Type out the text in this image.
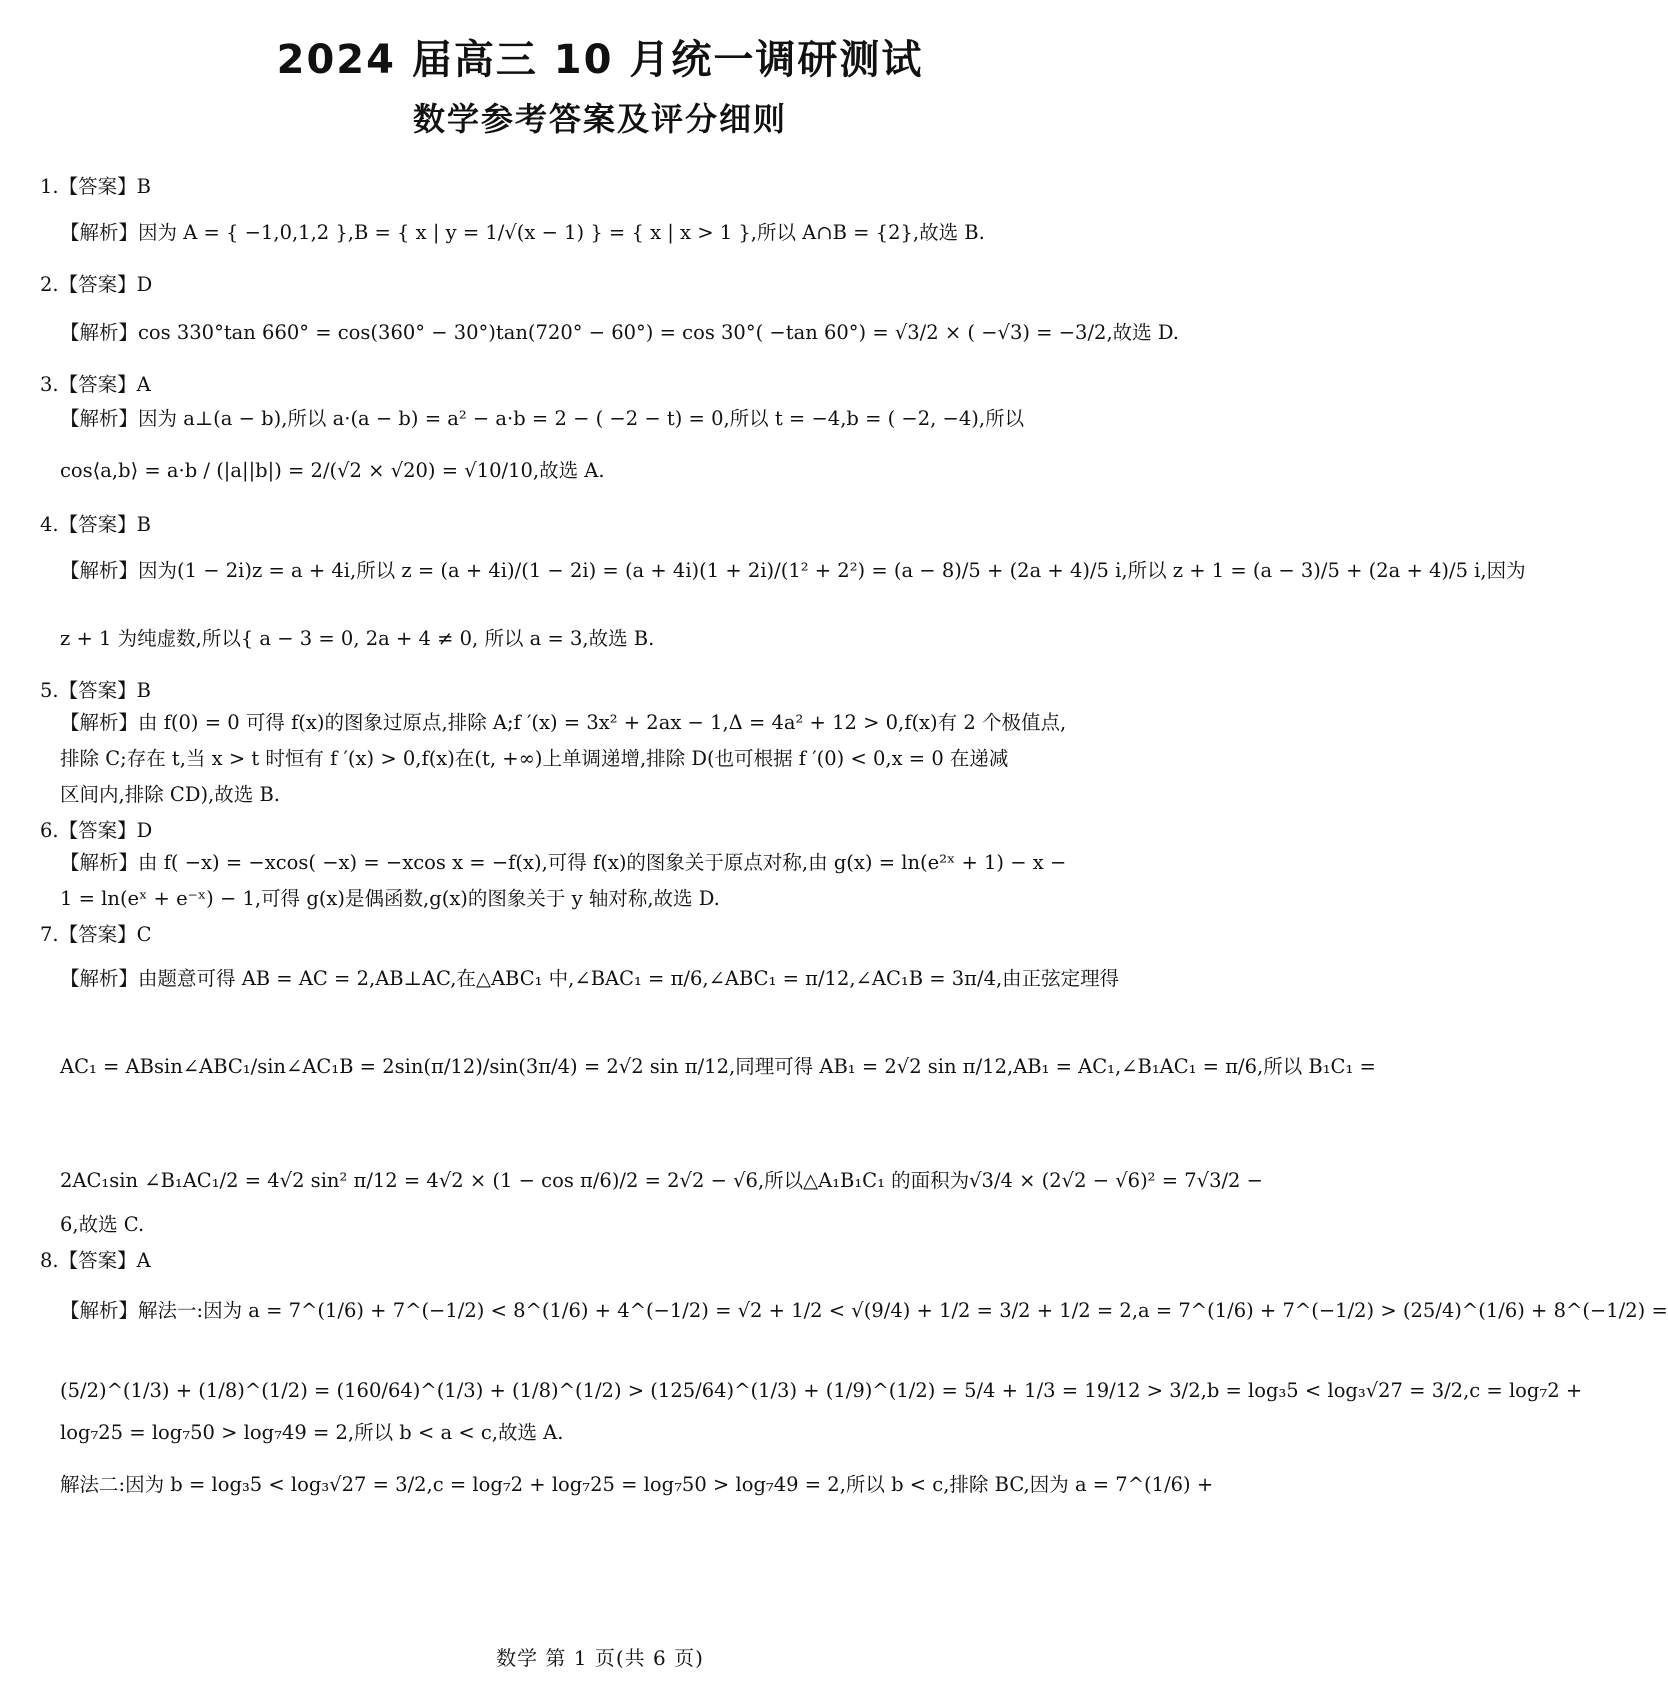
2024 届高三 10 月统一调研测试
数学参考答案及评分细则
1.【答案】B
【解析】因为 A = { −1,0,1,2 },B = { x | y = 1/√(x − 1) } = { x | x > 1 },所以 A∩B = {2},故选 B.
2.【答案】D
【解析】cos 330°tan 660° = cos(360° − 30°)tan(720° − 60°) = cos 30°( −tan 60°) = √3/2 × ( −√3) = −3/2,故选 D.
3.【答案】A
【解析】因为 a⊥(a − b),所以 a·(a − b) = a² − a·b = 2 − ( −2 − t) = 0,所以 t = −4,b = ( −2, −4),所以
cos⟨a,b⟩ = a·b / (|a||b|) = 2/(√2 × √20) = √10/10,故选 A.
4.【答案】B
【解析】因为(1 − 2i)z = a + 4i,所以 z = (a + 4i)/(1 − 2i) = (a + 4i)(1 + 2i)/(1² + 2²) = (a − 8)/5 + (2a + 4)/5 i,所以 z + 1 = (a − 3)/5 + (2a + 4)/5 i,因为
z + 1 为纯虚数,所以{ a − 3 = 0, 2a + 4 ≠ 0, 所以 a = 3,故选 B.
5.【答案】B
【解析】由 f(0) = 0 可得 f(x)的图象过原点,排除 A;f ′(x) = 3x² + 2ax − 1,Δ = 4a² + 12 > 0,f(x)有 2 个极值点,
排除 C;存在 t,当 x > t 时恒有 f ′(x) > 0,f(x)在(t, +∞)上单调递增,排除 D(也可根据 f ′(0) < 0,x = 0 在递减
区间内,排除 CD),故选 B.
6.【答案】D
【解析】由 f( −x) = −xcos( −x) = −xcos x = −f(x),可得 f(x)的图象关于原点对称,由 g(x) = ln(e²ˣ + 1) − x −
1 = ln(eˣ + e⁻ˣ) − 1,可得 g(x)是偶函数,g(x)的图象关于 y 轴对称,故选 D.
7.【答案】C
【解析】由题意可得 AB = AC = 2,AB⊥AC,在△ABC₁ 中,∠BAC₁ = π/6,∠ABC₁ = π/12,∠AC₁B = 3π/4,由正弦定理得
AC₁ = ABsin∠ABC₁/sin∠AC₁B = 2sin(π/12)/sin(3π/4) = 2√2 sin π/12,同理可得 AB₁ = 2√2 sin π/12,AB₁ = AC₁,∠B₁AC₁ = π/6,所以 B₁C₁ =
2AC₁sin ∠B₁AC₁/2 = 4√2 sin² π/12 = 4√2 × (1 − cos π/6)/2 = 2√2 − √6,所以△A₁B₁C₁ 的面积为√3/4 × (2√2 − √6)² = 7√3/2 −
6,故选 C.
8.【答案】A
【解析】解法一:因为 a = 7^(1/6) + 7^(−1/2) < 8^(1/6) + 4^(−1/2) = √2 + 1/2 < √(9/4) + 1/2 = 3/2 + 1/2 = 2,a = 7^(1/6) + 7^(−1/2) > (25/4)^(1/6) + 8^(−1/2) =
(5/2)^(1/3) + (1/8)^(1/2) = (160/64)^(1/3) + (1/8)^(1/2) > (125/64)^(1/3) + (1/9)^(1/2) = 5/4 + 1/3 = 19/12 > 3/2,b = log₃5 < log₃√27 = 3/2,c = log₇2 +
log₇25 = log₇50 > log₇49 = 2,所以 b < a < c,故选 A.
解法二:因为 b = log₃5 < log₃√27 = 3/2,c = log₇2 + log₇25 = log₇50 > log₇49 = 2,所以 b < c,排除 BC,因为 a = 7^(1/6) +
数学 第 1 页(共 6 页)
